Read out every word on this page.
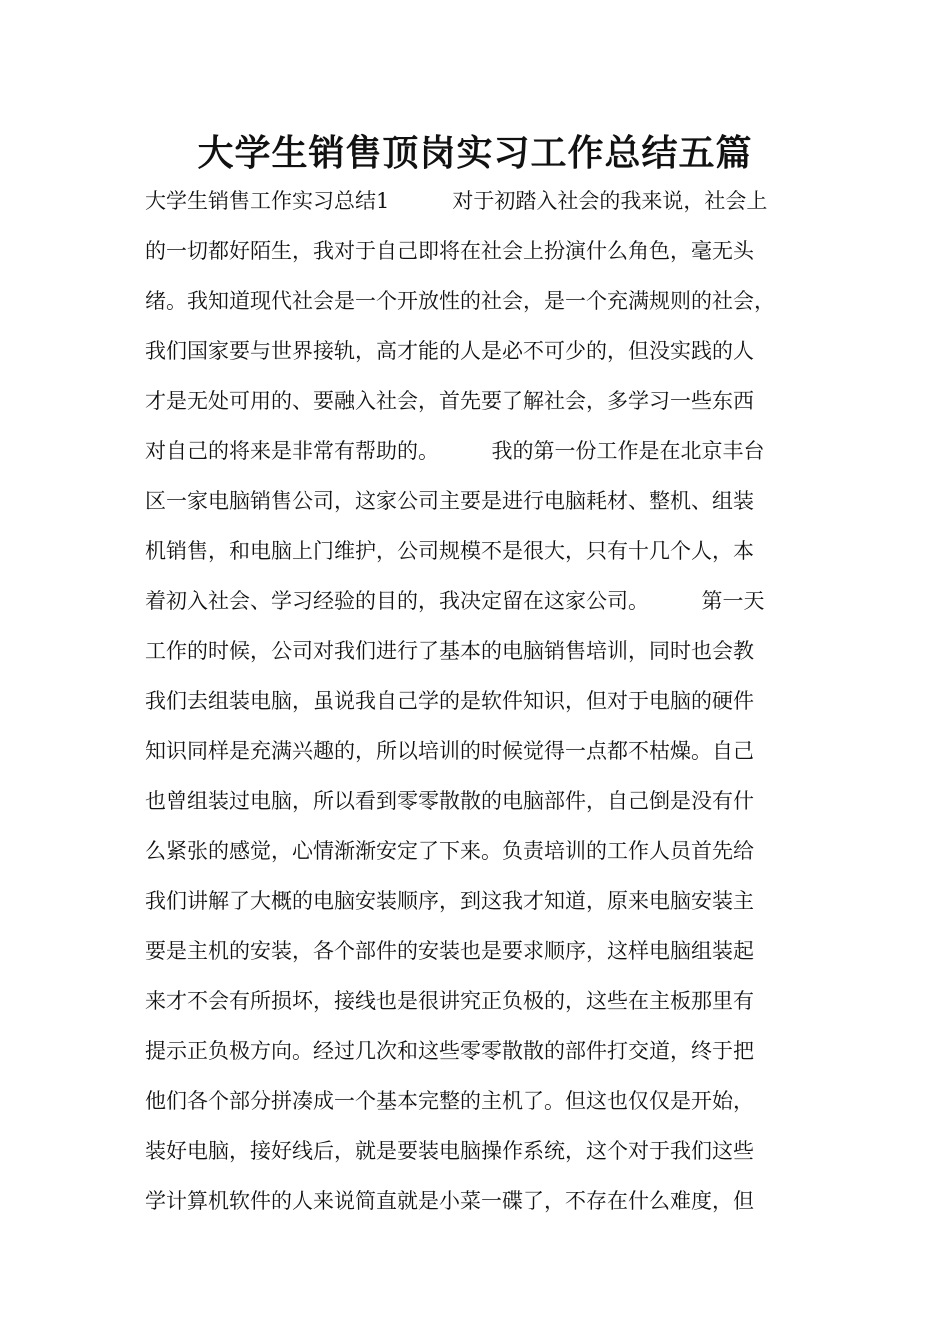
大学生销售顶岗实习工作总结五篇
大学生销售工作实习总结1　　　对于初踏入社会的我来说，社会上
的一切都好陌生，我对于自己即将在社会上扮演什么角色，毫无头
绪。我知道现代社会是一个开放性的社会，是一个充满规则的社会，
我们国家要与世界接轨，高才能的人是必不可少的，但没实践的人
才是无处可用的、要融入社会，首先要了解社会，多学习一些东西
对自己的将来是非常有帮助的。　　　我的第一份工作是在北京丰台
区一家电脑销售公司，这家公司主要是进行电脑耗材、整机、组装
机销售，和电脑上门维护，公司规模不是很大，只有十几个人，本
着初入社会、学习经验的目的，我决定留在这家公司。　　　第一天
工作的时候，公司对我们进行了基本的电脑销售培训，同时也会教
我们去组装电脑，虽说我自己学的是软件知识，但对于电脑的硬件
知识同样是充满兴趣的，所以培训的时候觉得一点都不枯燥。自己
也曾组装过电脑，所以看到零零散散的电脑部件，自己倒是没有什
么紧张的感觉，心情渐渐安定了下来。负责培训的工作人员首先给
我们讲解了大概的电脑安装顺序，到这我才知道，原来电脑安装主
要是主机的安装，各个部件的安装也是要求顺序，这样电脑组装起
来才不会有所损坏，接线也是很讲究正负极的，这些在主板那里有
提示正负极方向。经过几次和这些零零散散的部件打交道，终于把
他们各个部分拼凑成一个基本完整的主机了。但这也仅仅是开始，
装好电脑，接好线后，就是要装电脑操作系统，这个对于我们这些
学计算机软件的人来说简直就是小菜一碟了，不存在什么难度，但
